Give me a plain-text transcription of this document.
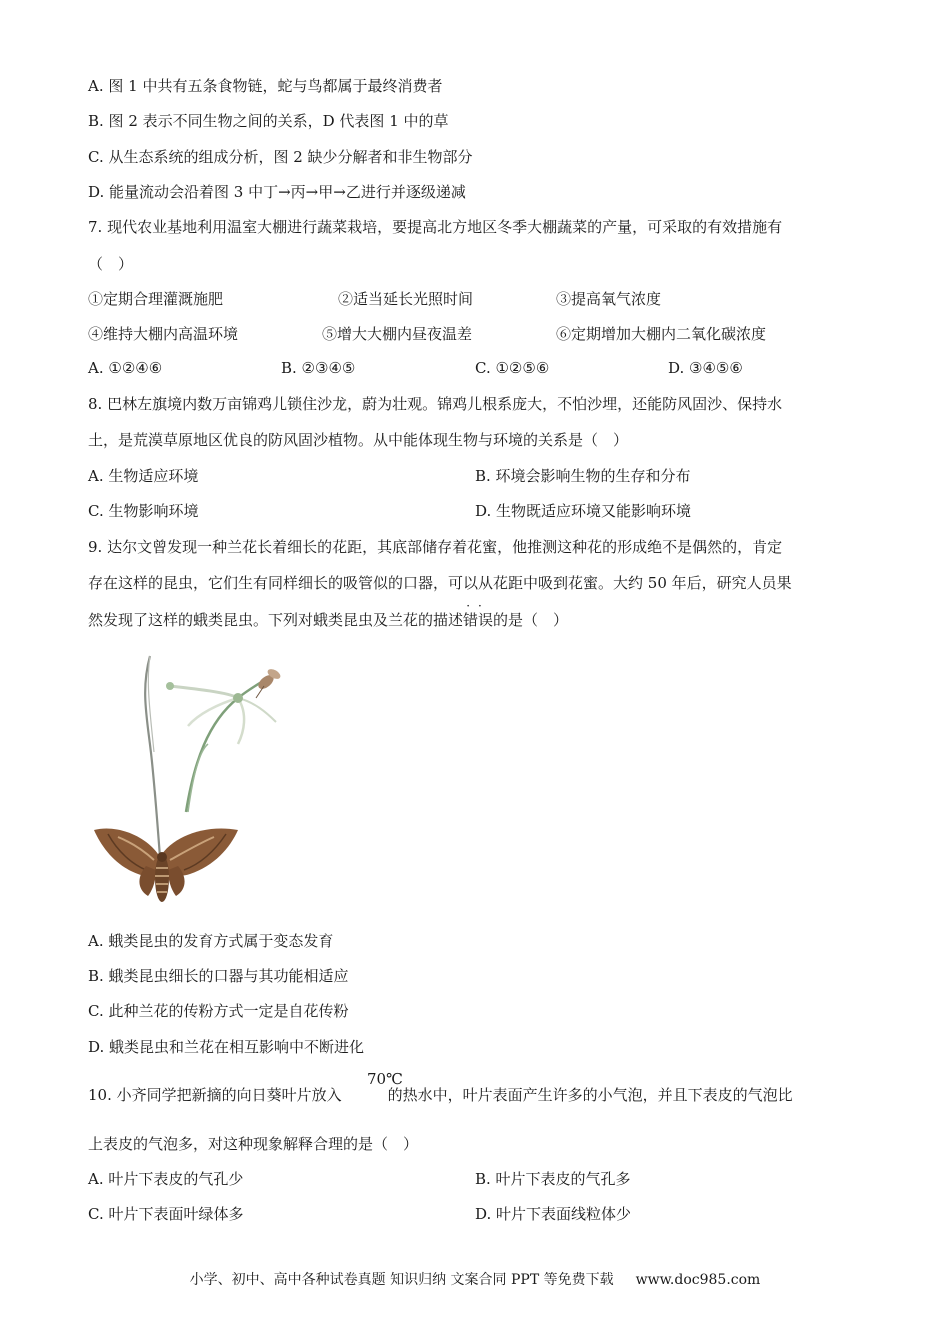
A. 图 1 中共有五条食物链，蛇与鸟都属于最终消费者
B. 图 2 表示不同生物之间的关系，D 代表图 1 中的草
C. 从生态系统的组成分析，图 2 缺少分解者和非生物部分
D. 能量流动会沿着图 3 中丁→丙→甲→乙进行并逐级递减
7. 现代农业基地利用温室大棚进行蔬菜栽培，要提高北方地区冬季大棚蔬菜的产量，可采取的有效措施有
（　）
①定期合理灌溉施肥	②适当延长光照时间	③提高氧气浓度
④维持大棚内高温环境	⑤增大大棚内昼夜温差	⑥定期增加大棚内二氧化碳浓度
A. ①②④⑥	B. ②③④⑤	C. ①②⑤⑥	D. ③④⑤⑥
8. 巴林左旗境内数万亩锦鸡儿锁住沙龙，蔚为壮观。锦鸡儿根系庞大，不怕沙埋，还能防风固沙、保持水
土，是荒漠草原地区优良的防风固沙植物。从中能体现生物与环境的关系是（　）
A. 生物适应环境	B. 环境会影响生物的生存和分布
C. 生物影响环境	D. 生物既适应环境又能影响环境
9. 达尔文曾发现一种兰花长着细长的花距，其底部储存着花蜜，他推测这种花的形成绝不是偶然的，肯定
存在这样的昆虫，它们生有同样细长的吸管似的口器，可以从花距中吸到花蜜。大约 50 年后，研究人员果
然发现了这样的蛾类昆虫。下列对蛾类昆虫及兰花的描述
··
错误的是（　）
A. 蛾类昆虫的发育方式属于变态发育
B. 蛾类昆虫细长的口器与其功能相适应
C. 此种兰花的传粉方式一定是自花传粉
D. 蛾类昆虫和兰花在相互影响中不断进化
70℃
10. 小齐同学把新摘的向日葵叶片放入	的热水中，叶片表面产生许多的小气泡，并且下表皮的气泡比
上表皮的气泡多，对这种现象解释合理的是（　）
A. 叶片下表皮的气孔少	B. 叶片下表皮的气孔多
C. 叶片下表面叶绿体多	D. 叶片下表面线粒体少
小学、初中、高中各种试卷真题 知识归纳 文案合同 PPT 等免费下载 www.doc985.com
